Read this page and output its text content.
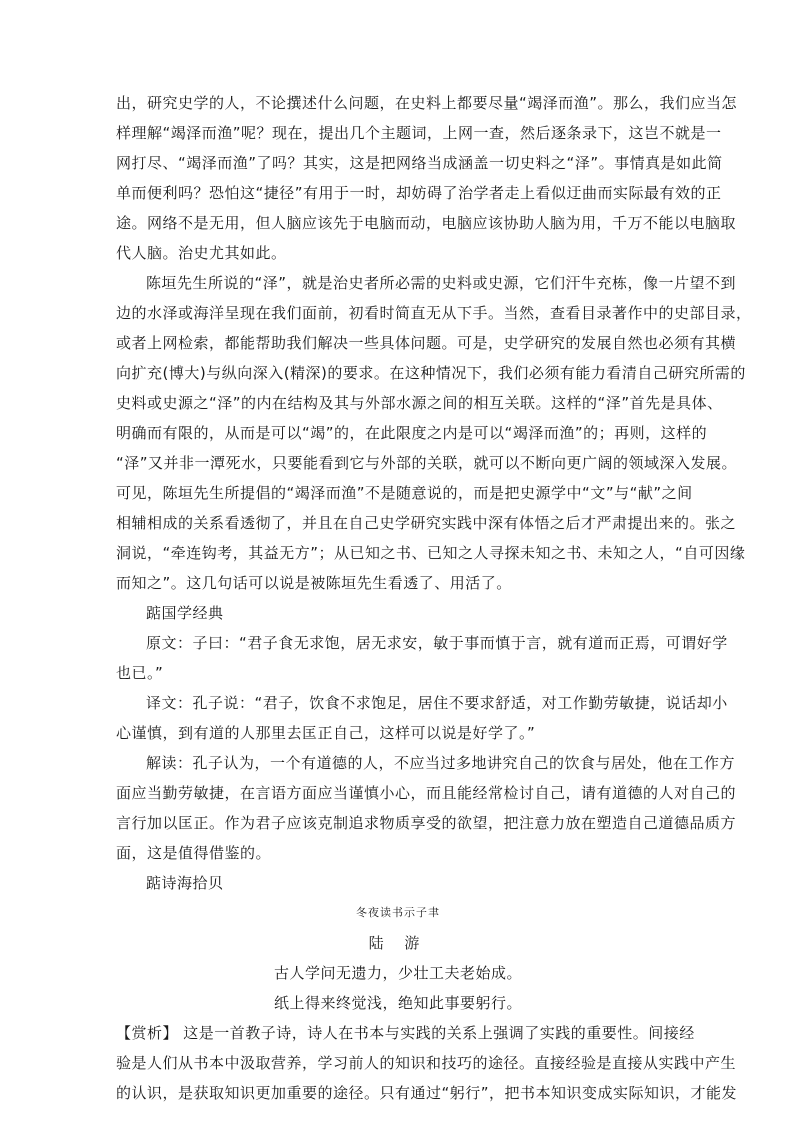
出，研究史学的人，不论撰述什么问题，在史料上都要尽量“竭泽而渔”。那么，我们应当怎
样理解“竭泽而渔”呢？现在，提出几个主题词，上网一查，然后逐条录下，这岂不就是一
网打尽、“竭泽而渔”了吗？其实，这是把网络当成涵盖一切史料之“泽”。事情真是如此简
单而便利吗？恐怕这“捷径”有用于一时，却妨碍了治学者走上看似迂曲而实际最有效的正
途。网络不是无用，但人脑应该先于电脑而动，电脑应该协助人脑为用，千万不能以电脑取
代人脑。治史尤其如此。
陈垣先生所说的“泽”，就是治史者所必需的史料或史源，它们汗牛充栋，像一片望不到
边的水泽或海洋呈现在我们面前，初看时简直无从下手。当然，查看目录著作中的史部目录，
或者上网检索，都能帮助我们解决一些具体问题。可是，史学研究的发展自然也必须有其横
向扩充(博大)与纵向深入(精深)的要求。在这种情况下，我们必须有能力看清自己研究所需的
史料或史源之“泽”的内在结构及其与外部水源之间的相互关联。这样的“泽”首先是具体、
明确而有限的，从而是可以“竭”的，在此限度之内是可以“竭泽而渔”的；再则，这样的
“泽”又并非一潭死水，只要能看到它与外部的关联，就可以不断向更广阔的领域深入发展。
可见，陈垣先生所提倡的“竭泽而渔”不是随意说的，而是把史源学中“文”与“献”之间
相辅相成的关系看透彻了，并且在自己史学研究实践中深有体悟之后才严肃提出来的。张之
洞说，“牵连钩考，其益无方”；从已知之书、已知之人寻探未知之书、未知之人，“自可因缘
而知之”。这几句话可以说是被陈垣先生看透了、用活了。
踮国学经典
原文：子曰：“君子食无求饱，居无求安，敏于事而慎于言，就有道而正焉，可谓好学
也已。”
译文：孔子说：“君子，饮食不求饱足，居住不要求舒适，对工作勤劳敏捷，说话却小
心谨慎，到有道的人那里去匡正自己，这样可以说是好学了。”
解读：孔子认为，一个有道德的人，不应当过多地讲究自己的饮食与居处，他在工作方
面应当勤劳敏捷，在言语方面应当谨慎小心，而且能经常检讨自己，请有道德的人对自己的
言行加以匡正。作为君子应该克制追求物质享受的欲望，把注意力放在塑造自己道德品质方
面，这是值得借鉴的。
踮诗海拾贝
冬夜读书示子聿
陆 游
古人学问无遗力，少壮工夫老始成。
纸上得来终觉浅，绝知此事要躬行。
【赏析】 这是一首教子诗，诗人在书本与实践的关系上强调了实践的重要性。间接经
验是人们从书本中汲取营养，学习前人的知识和技巧的途径。直接经验是直接从实践中产生
的认识，是获取知识更加重要的途径。只有通过“躬行”，把书本知识变成实际知识，才能发
